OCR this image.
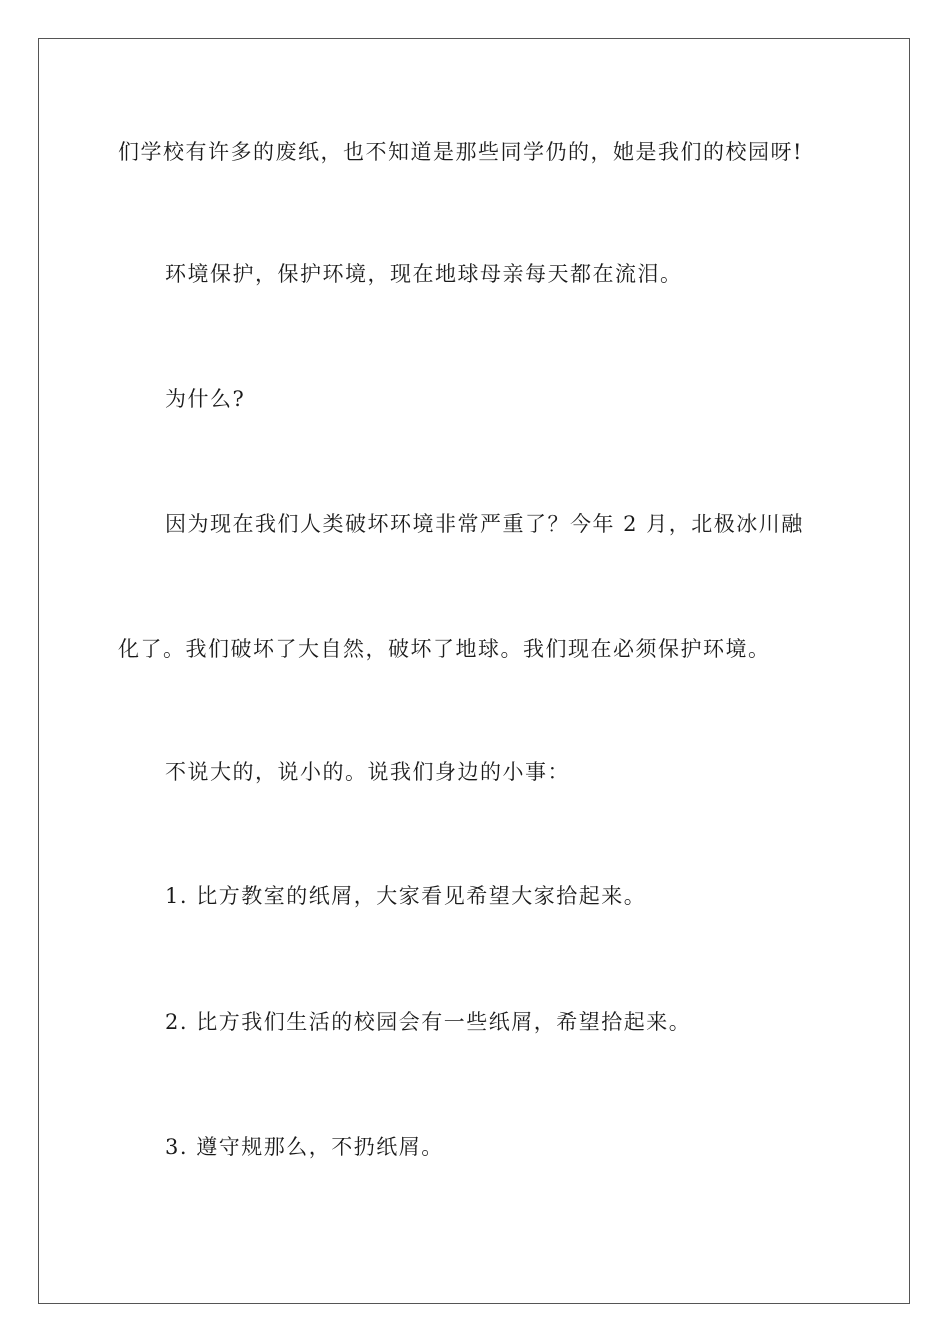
们学校有许多的废纸，也不知道是那些同学仍的，她是我们的校园呀!
环境保护，保护环境，现在地球母亲每天都在流泪。
为什么?
因为现在我们人类破坏环境非常严重了？今年 2 月，北极冰川融
化了。我们破坏了大自然，破坏了地球。我们现在必须保护环境。
不说大的，说小的。说我们身边的小事：
1. 比方教室的纸屑，大家看见希望大家拾起来。
2. 比方我们生活的校园会有一些纸屑，希望拾起来。
3. 遵守规那么，不扔纸屑。
